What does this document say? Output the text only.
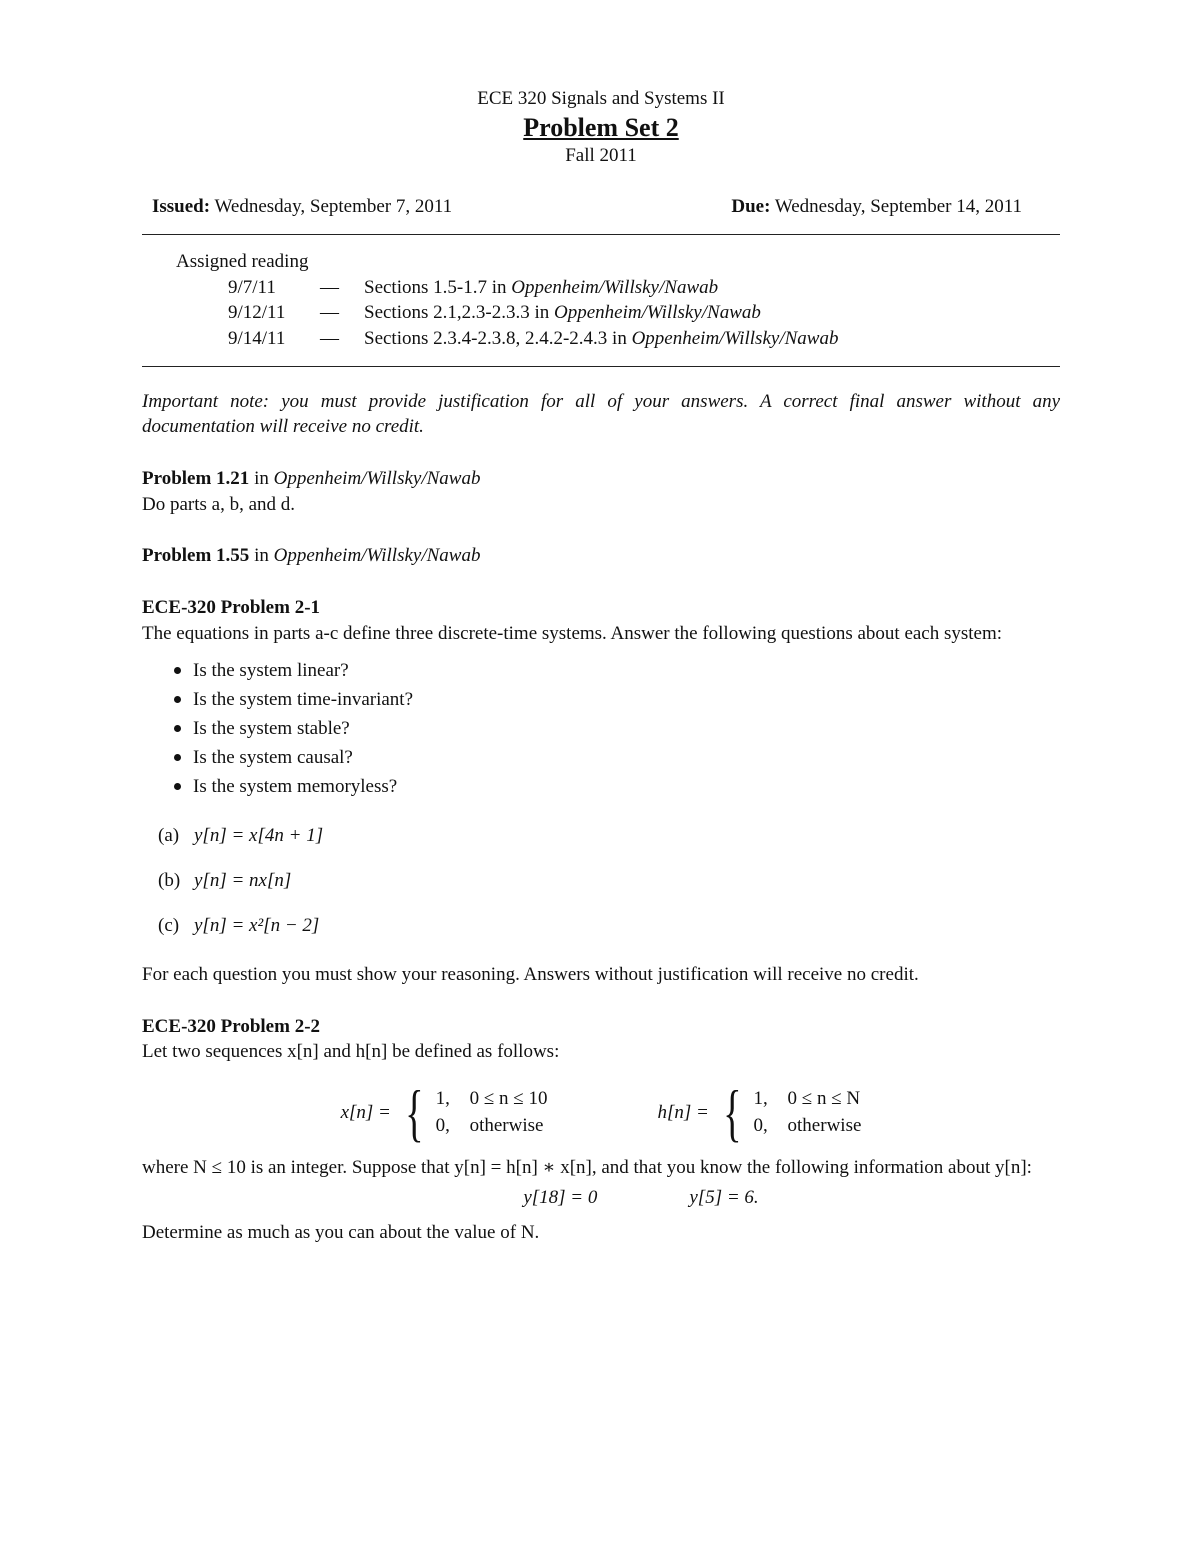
ECE 320 Signals and Systems II
Problem Set 2
Fall 2011
Issued: Wednesday, September 7, 2011	Due: Wednesday, September 14, 2011
Assigned reading
9/7/11	—	Sections 1.5-1.7 in Oppenheim/Willsky/Nawab
9/12/11	—	Sections 2.1,2.3-2.3.3 in Oppenheim/Willsky/Nawab
9/14/11	—	Sections 2.3.4-2.3.8, 2.4.2-2.4.3 in Oppenheim/Willsky/Nawab
Important note: you must provide justification for all of your answers. A correct final answer without any documentation will receive no credit.
Problem 1.21 in Oppenheim/Willsky/Nawab
Do parts a, b, and d.
Problem 1.55 in Oppenheim/Willsky/Nawab
ECE-320 Problem 2-1
The equations in parts a-c define three discrete-time systems. Answer the following questions about each system:
Is the system linear?
Is the system time-invariant?
Is the system stable?
Is the system causal?
Is the system memoryless?
(a) y[n] = x[4n + 1]
(b) y[n] = nx[n]
(c) y[n] = x²[n − 2]
For each question you must show your reasoning. Answers without justification will receive no credit.
ECE-320 Problem 2-2
Let two sequences x[n] and h[n] be defined as follows:
x[n] = { 1,	0 ≤ n ≤ 10
0,	otherwise
h[n] = { 1,	0 ≤ n ≤ N
0,	otherwise
where N ≤ 10 is an integer. Suppose that y[n] = h[n] ∗ x[n], and that you know the following information about y[n]:
y[18] = 0	y[5] = 6.
Determine as much as you can about the value of N.
